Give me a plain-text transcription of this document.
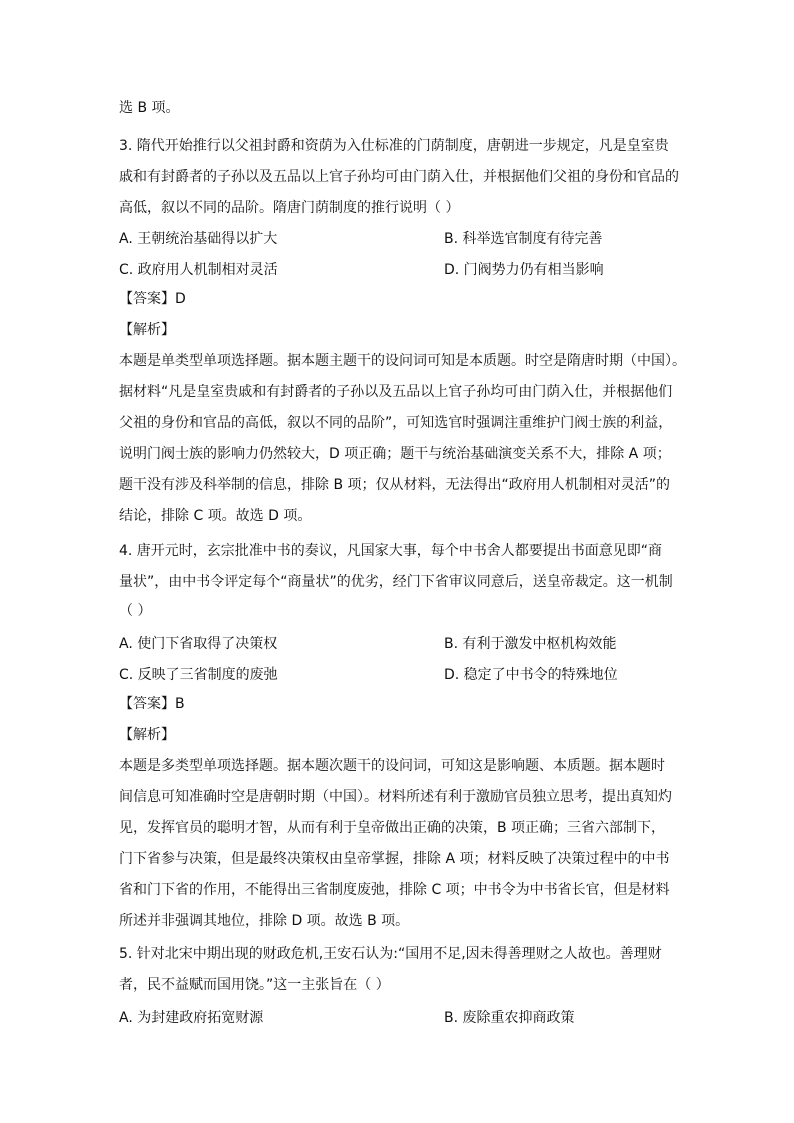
选 B 项。
3. 隋代开始推行以父祖封爵和资荫为入仕标准的门荫制度，唐朝进一步规定，凡是皇室贵
戚和有封爵者的子孙以及五品以上官子孙均可由门荫入仕，并根据他们父祖的身份和官品的
高低，叙以不同的品阶。隋唐门荫制度的推行说明（ ）
A. 王朝统治基础得以扩大	B. 科举选官制度有待完善
C. 政府用人机制相对灵活	D. 门阀势力仍有相当影响
【答案】D
【解析】
本题是单类型单项选择题。据本题主题干的设问词可知是本质题。时空是隋唐时期（中国）。
据材料“凡是皇室贵戚和有封爵者的子孙以及五品以上官子孙均可由门荫入仕，并根据他们
父祖的身份和官品的高低，叙以不同的品阶”，可知选官时强调注重维护门阀士族的利益，
说明门阀士族的影响力仍然较大，D 项正确；题干与统治基础演变关系不大，排除 A 项；
题干没有涉及科举制的信息，排除 B 项；仅从材料，无法得出“政府用人机制相对灵活”的
结论，排除 C 项。故选 D 项。
4. 唐开元时，玄宗批准中书的奏议，凡国家大事，每个中书舍人都要提出书面意见即“商
量状”，由中书令评定每个“商量状”的优劣，经门下省审议同意后，送皇帝裁定。这一机制
（ ）
A. 使门下省取得了决策权	B. 有利于激发中枢机构效能
C. 反映了三省制度的废弛	D. 稳定了中书令的特殊地位
【答案】B
【解析】
本题是多类型单项选择题。据本题次题干的设问词，可知这是影响题、本质题。据本题时
间信息可知准确时空是唐朝时期（中国）。材料所述有利于激励官员独立思考，提出真知灼
见，发挥官员的聪明才智，从而有利于皇帝做出正确的决策，B 项正确；三省六部制下，
门下省参与决策，但是最终决策权由皇帝掌握，排除 A 项；材料反映了决策过程中的中书
省和门下省的作用，不能得出三省制度废弛，排除 C 项；中书令为中书省长官，但是材料
所述并非强调其地位，排除 D 项。故选 B 项。
5. 针对北宋中期出现的财政危机,王安石认为:“国用不足,因未得善理财之人故也。善理财
者，民不益赋而国用饶。”这一主张旨在（ ）
A. 为封建政府拓宽财源	B. 废除重农抑商政策
